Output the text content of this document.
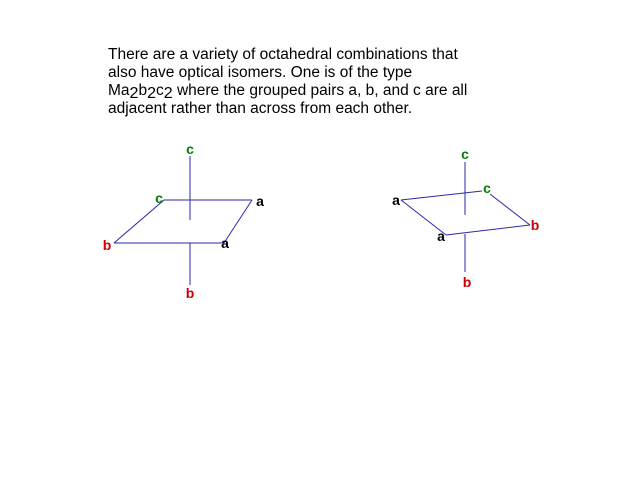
There are a variety of octahedral combinations that

also have optical isomers. One is of the type

$Ma_2b_2c_2$ where the grouped pairs a, b, and c are all

adjacent rather than across from each other.

c
c	a
b	a
b
c
a
c
a
b
b
